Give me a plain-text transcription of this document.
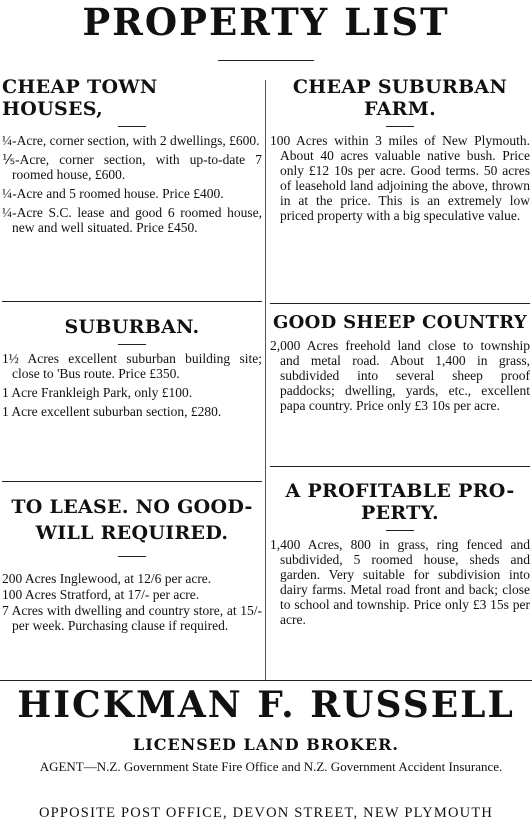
PROPERTY LIST
CHEAP TOWN HOUSES,
¼-Acre, corner section, with 2 dwellings, £600.
⅕-Acre, corner section, with up-to-date 7 roomed house, £600.
¼-Acre and 5 roomed house. Price £400.
¼-Acre S.C. lease and good 6 roomed house, new and well situated. Price £450.
SUBURBAN.
1½ Acres excellent suburban building site; close to 'Bus route. Price £350.
1 Acre Frankleigh Park, only £100.
1 Acre excellent suburban section, £280.
TO LEASE. NO GOOD-WILL REQUIRED.
200 Acres Inglewood, at 12/6 per acre.
100 Acres Stratford, at 17/- per acre.
7 Acres with dwelling and country store, at 15/- per week. Purchasing clause if required.
CHEAP SUBURBAN FARM.

100 Acres within 3 miles of New Plymouth. About 40 acres valuable native bush. Price only £12 10s per acre. Good terms. 50 acres of leasehold land adjoining the above, thrown in at the price. This is an extremely low priced property with a big speculative value.

GOOD SHEEP COUNTRY

2,000 Acres freehold land close to township and metal road. About 1,400 in grass, subdivided into several sheep proof paddocks; dwelling, yards, etc., excellent papa country. Price only £3 10s per acre.

A PROFITABLE PRO-
PERTY.

1,400 Acres, 800 in grass, ring fenced and subdivided, 5 roomed house, sheds and garden. Very suitable for subdivision into dairy farms. Metal road front and back; close to school and township. Price only £3 15s per acre.

HICKMAN F. RUSSELL
LICENSED LAND BROKER.
AGENT—N.Z. Government State Fire Office and N.Z. Government Accident Insurance.
OPPOSITE POST OFFICE, DEVON STREET, NEW PLYMOUTH
